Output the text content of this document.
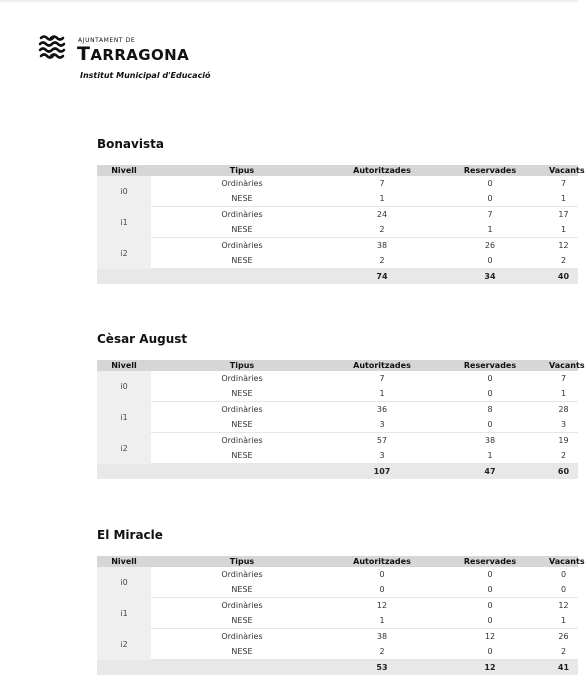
AJUNTAMENT DE
TARRAGONA
Institut Municipal d'Educació
Bonavista
Nivell	Tipus	Autoritzades	Reservades	Vacants
i0	Ordinàries	7	0	7
	NESE	1	0	1
i1	Ordinàries	24	7	17
	NESE	2	1	1
i2	Ordinàries	38	26	12
	NESE	2	0	2
		74	34	40
Cèsar August
Nivell	Tipus	Autoritzades	Reservades	Vacants
i0	Ordinàries	7	0	7
	NESE	1	0	1
i1	Ordinàries	36	8	28
	NESE	3	0	3
i2	Ordinàries	57	38	19
	NESE	3	1	2
		107	47	60
El Miracle
Nivell	Tipus	Autoritzades	Reservades	Vacants
i0	Ordinàries	0	0	0
	NESE	0	0	0
i1	Ordinàries	12	0	12
	NESE	1	0	1
i2	Ordinàries	38	12	26
	NESE	2	0	2
		53	12	41
